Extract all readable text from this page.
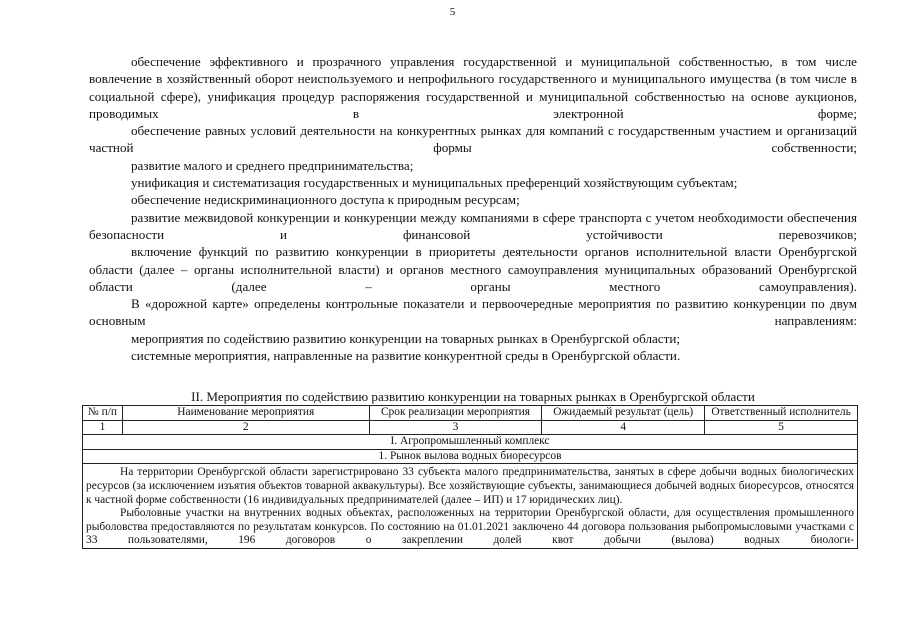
5

обеспечение эффективного и прозрачного управления государственной и муниципальной собственностью, в том числе вовлечение в хозяйственный оборот неиспользуемого и непрофильного государственного и муниципального имущества (в том числе в социальной сфере), унификация процедур распоряжения государственной и муниципальной собственностью на основе аукционов, проводимых в электронной форме;

обеспечение равных условий деятельности на конкурентных рынках для компаний с государственным участием и организаций частной формы собственности;

развитие малого и среднего предпринимательства;

унификация и систематизация государственных и муниципальных преференций хозяйствующим субъектам;

обеспечение недискриминационного доступа к природным ресурсам;

развитие межвидовой конкуренции и конкуренции между компаниями в сфере транспорта с учетом необходимости обеспечения безопасности и финансовой устойчивости перевозчиков;

включение функций по развитию конкуренции в приоритеты деятельности органов исполнительной власти Оренбургской области (далее – органы исполнительной власти) и органов местного самоуправления муниципальных образований Оренбургской области (далее – органы местного самоуправления).

В «дорожной карте» определены контрольные показатели и первоочередные мероприятия по развитию конкуренции по двум основным направлениям:

мероприятия по содействию развитию конкуренции на товарных рынках в Оренбургской области;

системные мероприятия, направленные на развитие конкурентной среды в Оренбургской области.

II. Мероприятия по содействию развитию конкуренции на товарных рынках в Оренбургской области
№ п/п	Наименование мероприятия	Срок реализации мероприятия	Ожидаемый результат (цель)	Ответственный исполнитель
1	2	3	4	5
I. Агропромышленный комплекс				
1. Рынок вылова водных биоресурсов				

На территории Оренбургской области зарегистрировано 33 субъекта малого предпринимательства, занятых в сфере добычи водных биологических ресурсов (за исключением изъятия объектов товарной аквакультуры). Все хозяйствующие субъекты, занимающиеся добычей водных биоресурсов, относятся к частной форме собственности (16 индивидуальных предпринимателей (далее – ИП) и 17 юридических лиц).

Рыболовные участки на внутренних водных объектах, расположенных на территории Оренбургской области, для осуществления промышленного рыболовства предоставляются по результатам конкурсов. По состоянию на 01.01.2021 заключено 44 договора пользования рыбопромысловыми участками с 33 пользователями, 196 договоров о закреплении долей квот добычи (вылова) водных биологи-				
